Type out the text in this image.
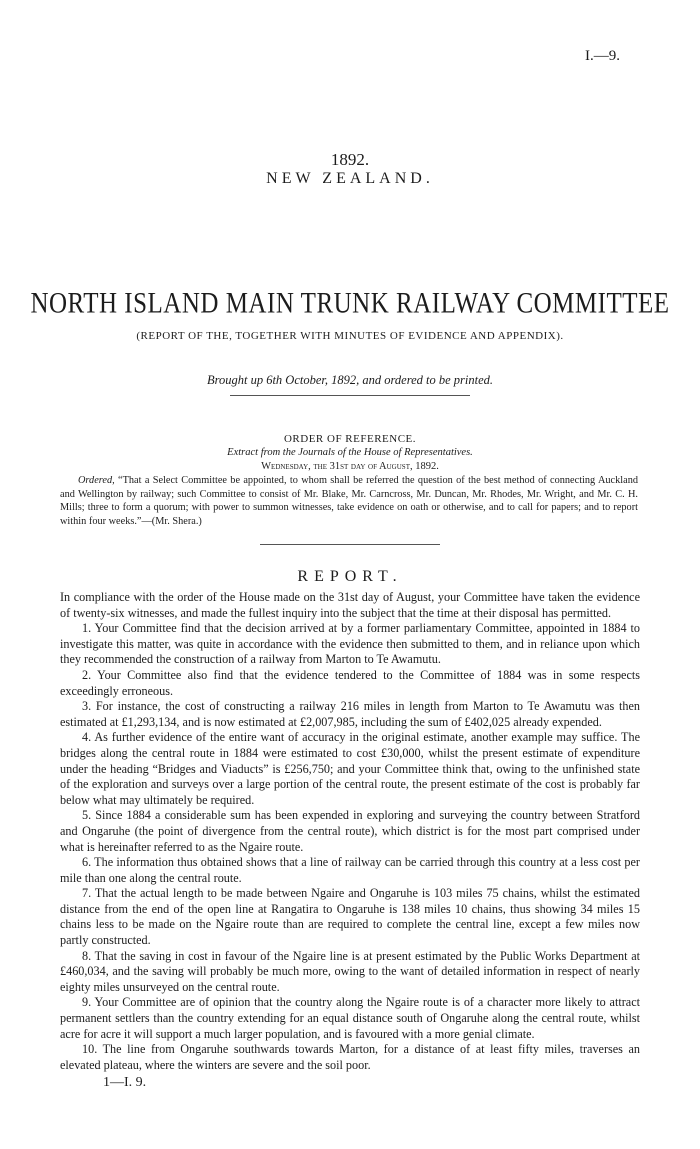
I.—9.
1892.
NEW ZEALAND.
NORTH ISLAND MAIN TRUNK RAILWAY COMMITTEE
(REPORT OF THE, TOGETHER WITH MINUTES OF EVIDENCE AND APPENDIX).
Brought up 6th October, 1892, and ordered to be printed.
ORDER OF REFERENCE.
Extract from the Journals of the House of Representatives.
Wednesday, the 31st day of August, 1892.
Ordered, “That a Select Committee be appointed, to whom shall be referred the question of the best method of connecting Auckland and Wellington by railway; such Committee to consist of Mr. Blake, Mr. Carncross, Mr. Duncan, Mr. Rhodes, Mr. Wright, and Mr. C. H. Mills; three to form a quorum; with power to summon witnesses, take evidence on oath or otherwise, and to call for papers; and to report within four weeks.”—(Mr. Shera.)
REPORT.

In compliance with the order of the House made on the 31st day of August, your Committee have taken the evidence of twenty-six witnesses, and made the fullest inquiry into the subject that the time at their disposal has permitted.

1. Your Committee find that the decision arrived at by a former parliamentary Committee, appointed in 1884 to investigate this matter, was quite in accordance with the evidence then submitted to them, and in reliance upon which they recommended the construction of a railway from Marton to Te Awamutu.

2. Your Committee also find that the evidence tendered to the Committee of 1884 was in some respects exceedingly erroneous.

3. For instance, the cost of constructing a railway 216 miles in length from Marton to Te Awamutu was then estimated at £1,293,134, and is now estimated at £2,007,985, including the sum of £402,025 already expended.

4. As further evidence of the entire want of accuracy in the original estimate, another example may suffice. The bridges along the central route in 1884 were estimated to cost £30,000, whilst the present estimate of expenditure under the heading “Bridges and Viaducts” is £256,750; and your Committee think that, owing to the unfinished state of the exploration and surveys over a large portion of the central route, the present estimate of the cost is probably far below what may ultimately be required.

5. Since 1884 a considerable sum has been expended in exploring and surveying the country between Stratford and Ongaruhe (the point of divergence from the central route), which district is for the most part comprised under what is hereinafter referred to as the Ngaire route.

6. The information thus obtained shows that a line of railway can be carried through this country at a less cost per mile than one along the central route.

7. That the actual length to be made between Ngaire and Ongaruhe is 103 miles 75 chains, whilst the estimated distance from the end of the open line at Rangatira to Ongaruhe is 138 miles 10 chains, thus showing 34 miles 15 chains less to be made on the Ngaire route than are required to complete the central line, except a few miles now partly constructed.

8. That the saving in cost in favour of the Ngaire line is at present estimated by the Public Works Department at £460,034, and the saving will probably be much more, owing to the want of detailed information in respect of nearly eighty miles unsurveyed on the central route.

9. Your Committee are of opinion that the country along the Ngaire route is of a character more likely to attract permanent settlers than the country extending for an equal distance south of Ongaruhe along the central route, whilst acre for acre it will support a much larger population, and is favoured with a more genial climate.

10. The line from Ongaruhe southwards towards Marton, for a distance of at least fifty miles, traverses an elevated plateau, where the winters are severe and the soil poor.

1—I. 9.
